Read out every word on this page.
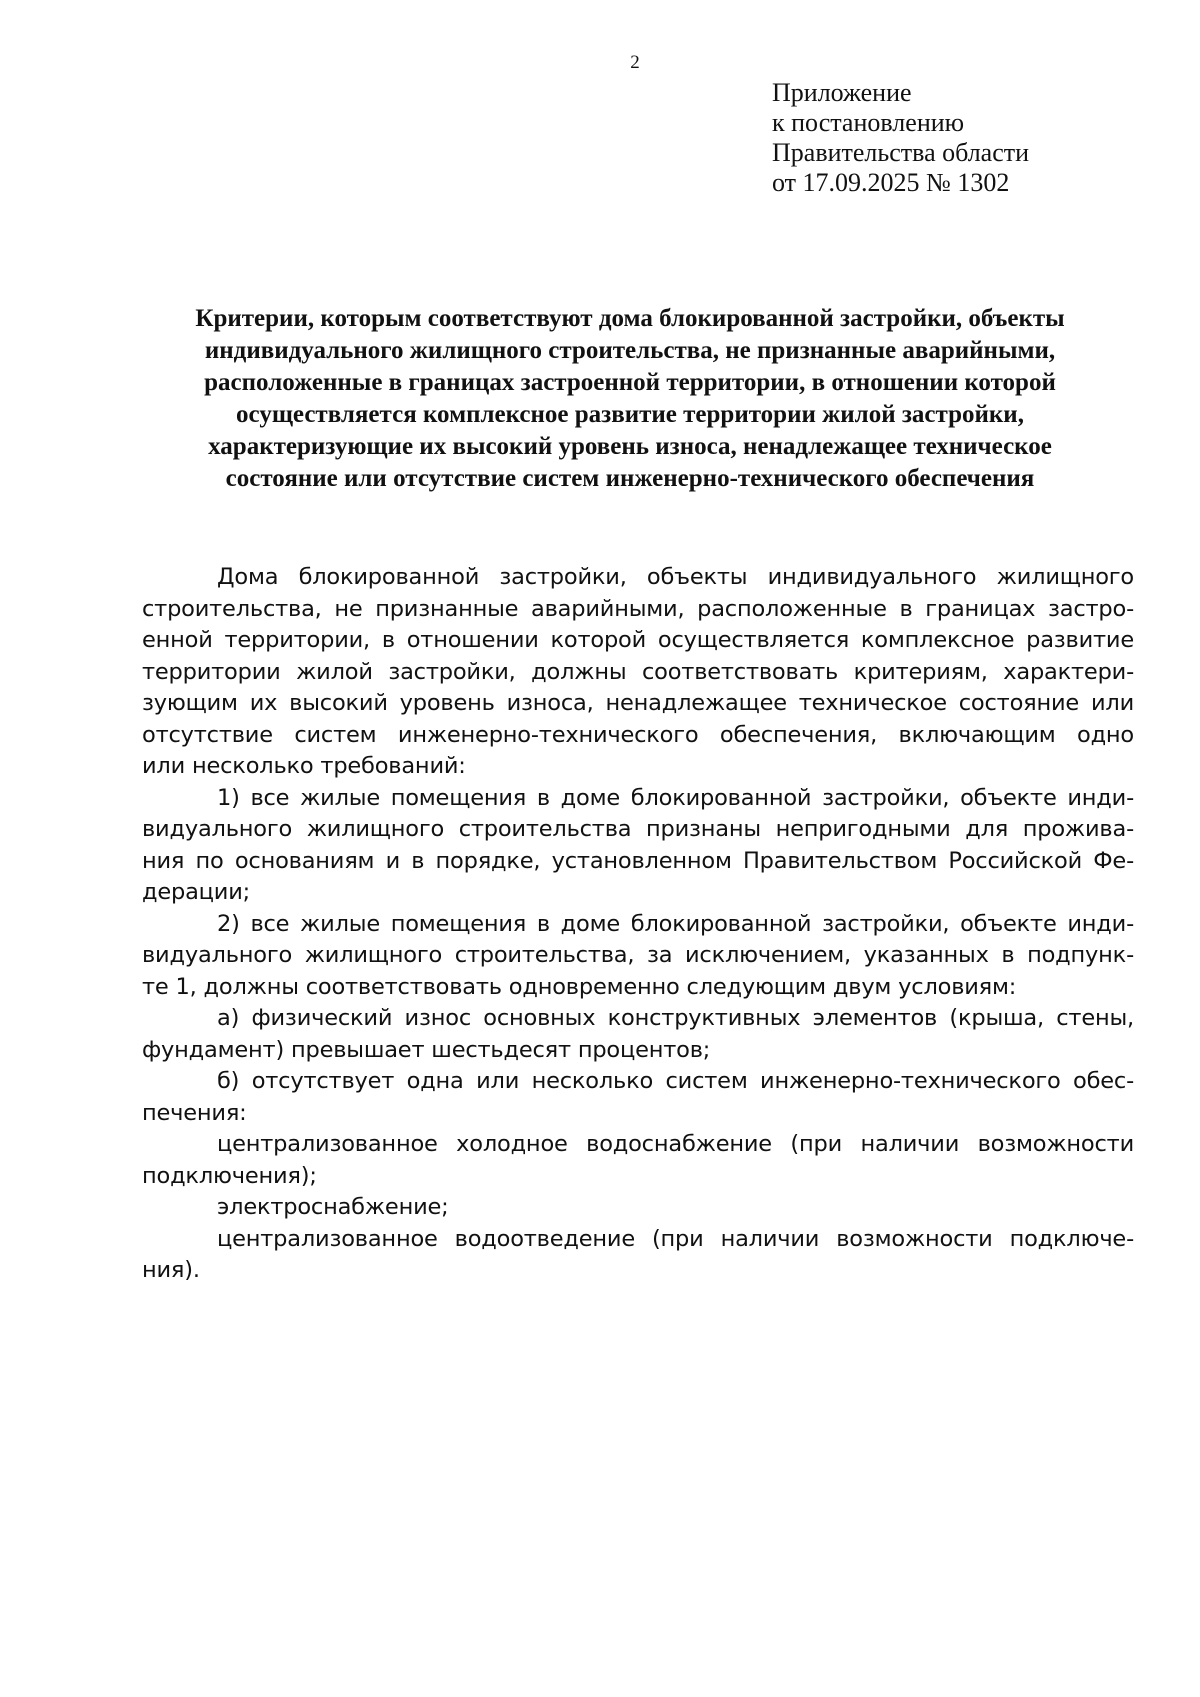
2
Приложение
к постановлению
Правительства области
от 17.09.2025 № 1302
Критерии, которым соответствуют дома блокированной застройки, объекты
индивидуального жилищного строительства, не признанные аварийными,
расположенные в границах застроенной территории, в отношении которой
осуществляется комплексное развитие территории жилой застройки,
характеризующие их высокий уровень износа, ненадлежащее техническое
состояние или отсутствие систем инженерно-технического обеспечения
Дома блокированной застройки, объекты индивидуального жилищного
строительства, не признанные аварийными, расположенные в границах застро-
енной территории, в отношении которой осуществляется комплексное развитие
территории жилой застройки, должны соответствовать критериям, характери-
зующим их высокий уровень износа, ненадлежащее техническое состояние или
отсутствие систем инженерно-технического обеспечения, включающим одно
или несколько требований:
1) все жилые помещения в доме блокированной застройки, объекте инди-
видуального жилищного строительства признаны непригодными для прожива-
ния по основаниям и в порядке, установленном Правительством Российской Фе-
дерации;
2) все жилые помещения в доме блокированной застройки, объекте инди-
видуального жилищного строительства, за исключением, указанных в подпунк-
те 1, должны соответствовать одновременно следующим двум условиям:
а) физический износ основных конструктивных элементов (крыша, стены,
фундамент) превышает шестьдесят процентов;
б) отсутствует одна или несколько систем инженерно-технического обес-
печения:
централизованное холодное водоснабжение (при наличии возможности
подключения);
электроснабжение;
централизованное водоотведение (при наличии возможности подключе-
ния).
